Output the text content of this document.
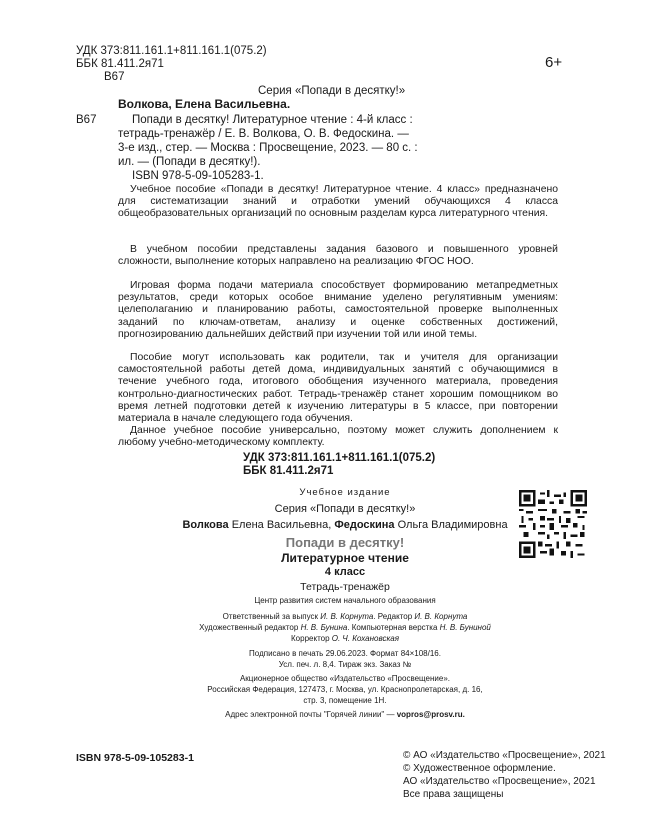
УДК 373:811.161.1+811.161.1(075.2)
ББК 81.411.2я71
В67
6+
Серия «Попади в десятку!»
Волкова, Елена Васильевна.
В67	Попади в десятку! Литературное чтение : 4-й класс :
тетрадь-тренажёр / Е. В. Волкова, О. В. Федоскина. —
3-е изд., стер. — Москва : Просвещение, 2023. — 80 с. :
ил. — (Попади в десятку!).
ISBN 978-5-09-105283-1.
Учебное пособие «Попади в десятку! Литературное чтение. 4 класс» предназначено для систематизации знаний и отработки умений обучающихся 4 класса общеобразовательных организаций по основным разделам курса литературного чтения.
В учебном пособии представлены задания базового и повышенного уровней сложности, выполнение которых направлено на реализацию ФГОС НОО.
Игровая форма подачи материала способствует формированию метапредметных результатов, среди которых особое внимание уделено регулятивным умениям: целеполаганию и планированию работы, самостоятельной проверке выполненных заданий по ключам-ответам, анализу и оценке собственных достижений, прогнозированию дальнейших действий при изучении той или иной темы.
Пособие могут использовать как родители, так и учителя для организации самостоятельной работы детей дома, индивидуальных занятий с обучающимися в течение учебного года, итогового обобщения изученного материала, проведения контрольно-диагностических работ. Тетрадь-тренажёр станет хорошим помощником во время летней подготовки детей к изучению литературы в 5 классе, при повторении материала в начале следующего года обучения.
Данное учебное пособие универсально, поэтому может служить дополнением к любому учебно-методическому комплекту.
УДК 373:811.161.1+811.161.1(075.2)
ББК 81.411.2я71
Учебное издание
Серия «Попади в десятку!»
Волкова Елена Васильевна, Федоскина Ольга Владимировна
Попади в десятку!
Литературное чтение
4 класс
Тетрадь-тренажёр
Центр развития систем начального образования
Ответственный за выпуск И. В. Корнута. Редактор И. В. Корнута
Художественный редактор Н. В. Бунина. Компьютерная верстка Н. В. Буниной
Корректор О. Ч. Кохановская
Подписано в печать 29.06.2023. Формат 84×108/16.
Усл. печ. л. 8,4. Тираж экз. Заказ №
Акционерное общество «Издательство «Просвещение».
Российская Федерация, 127473, г. Москва, ул. Краснопролетарская, д. 16,
стр. 3, помещение 1Н.
Адрес электронной почты "Горячей линии" — vopros@prosv.ru.
ISBN 978-5-09-105283-1	© АО «Издательство «Просвещение», 2021
© Художественное оформление.
АО «Издательство «Просвещение», 2021
Все права защищены
